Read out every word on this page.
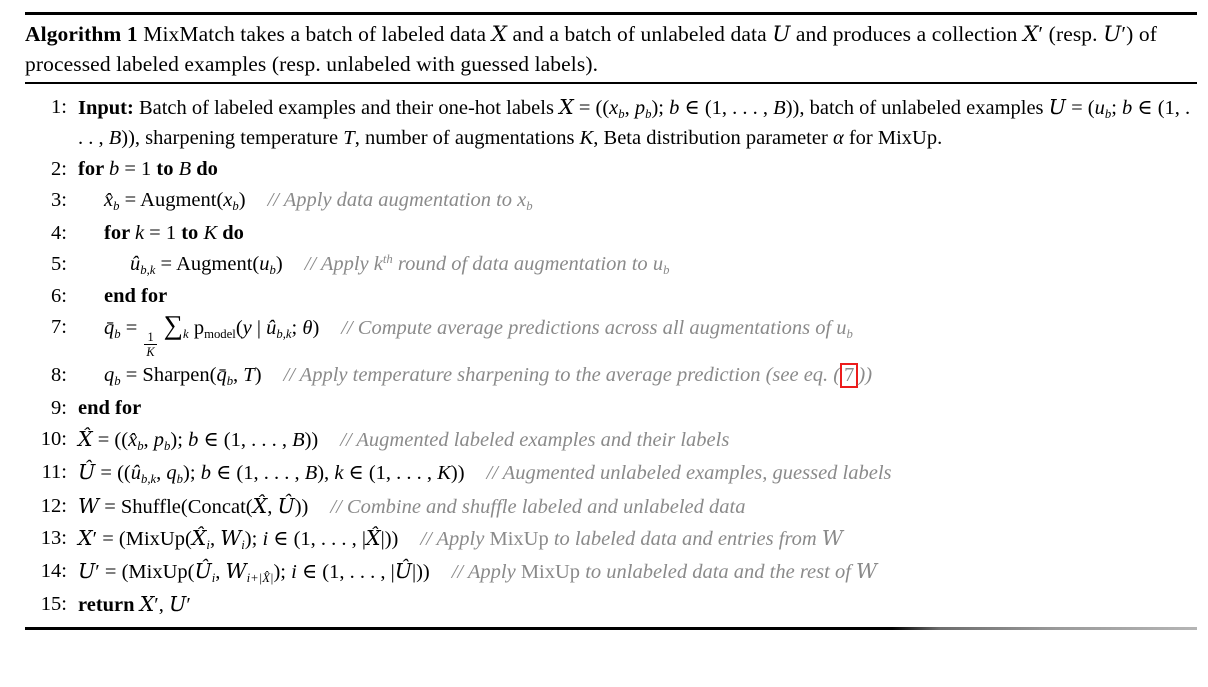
Algorithm 1 MixMatch takes a batch of labeled data X and a batch of unlabeled data U and produces a collection X′ (resp. U′) of processed labeled examples (resp. unlabeled with guessed labels).
1: Input: Batch of labeled examples and their one-hot labels $X = ((x_b$, $p_b$); b ∈ (1, . . . , B)), batch of unlabeled examples $U = (u_b$; b ∈ (1, . . . , B)), sharpening temperature T, number of augmentations K, Beta distribution parameter α for MixUp.
2: for b = 1 to B do
3:	$x̂_b$ = $Augment(x_b)$ // Apply data augmentation to $x_b$
4:	for k = 1 to K do
5:	$û_{b,k}$ = $Augment(u_b)$ // Apply $k^{th}$ round of data augmentation to $u_b$
6:	end for
7:	$q̄_b$ =
$\frac{1}{K}$
$\sum_k$ $p_{model}(y$ | $û_{b,k}$; θ) // Compute average predictions across all augmentations of $u_b$
8:	$q_b$ = $Sharpen(q̄_b$, T) // Apply temperature sharpening to the average prediction (see eq. ( 7 ))
9: end for
10: X̂ = (($x̂_b$, $p_b$); b ∈ (1, . . . , B)) // Augmented labeled examples and their labels
11: Û = (($û_{b,k}$, $q_b$); b ∈ (1, . . . , B), k ∈ (1, . . . , K)) // Augmented unlabeled examples, guessed labels
12: W = Shuffle(Concat(X̂, Û)) // Combine and shuffle labeled and unlabeled data
13: $X' = (MixUp(X̂_i$, $W_i$); i ∈ (1, . . . , |X̂|)) // Apply MixUp to labeled data and entries from W
14: $U' = (MixUp(Û_i$, $W_{i+|X̂|}$); i ∈ (1, . . . , |Û|)) // Apply MixUp to unlabeled data and the rest of W
15: return X′, U′
